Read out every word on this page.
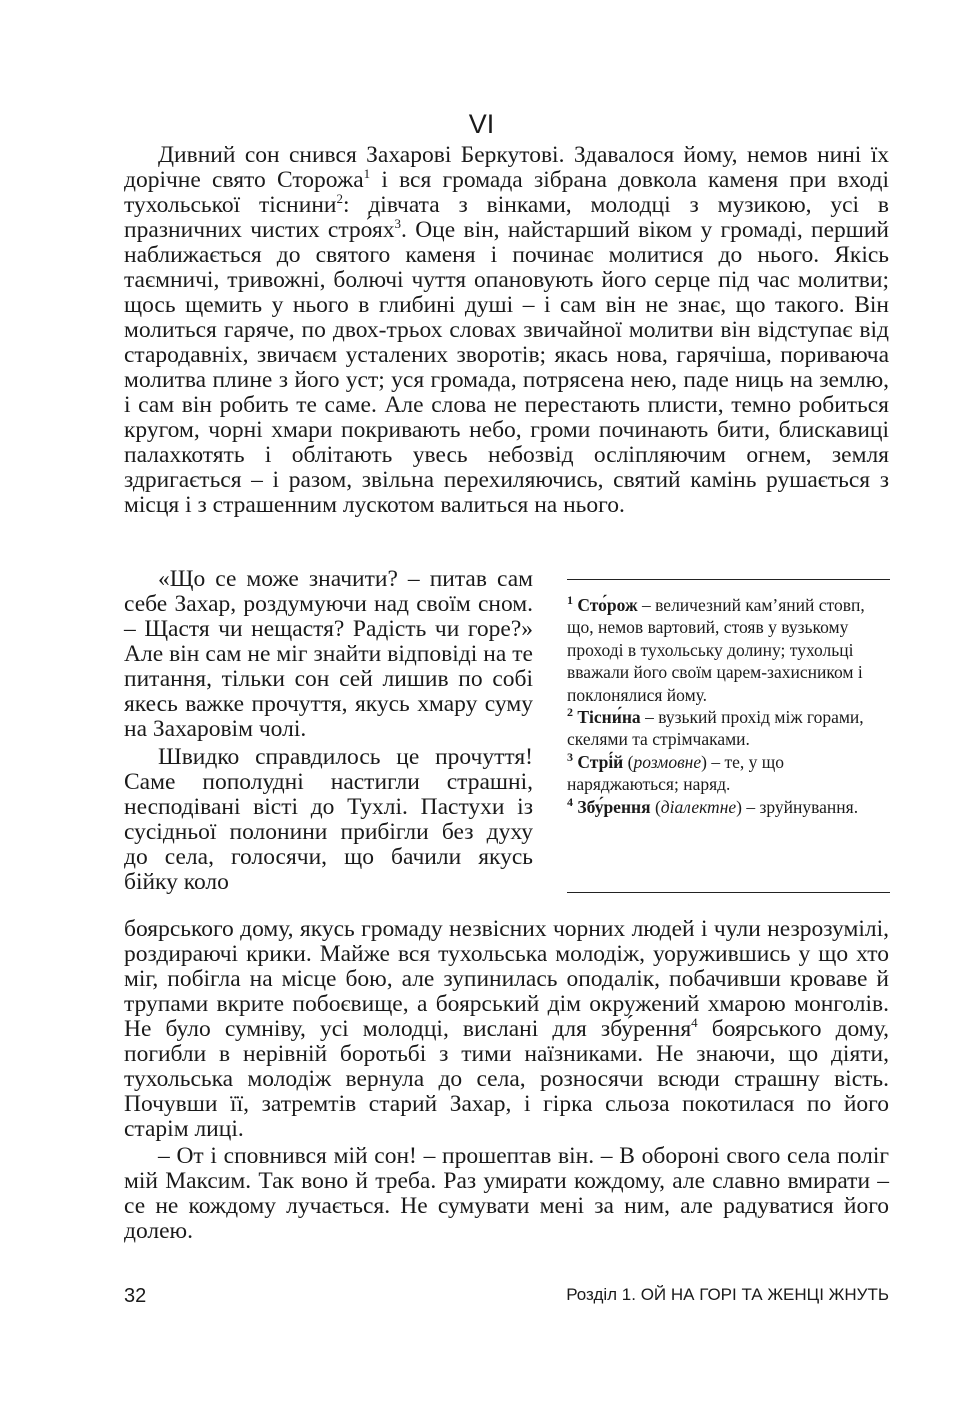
VI

Дивний сон снився Захарові Беркутові. Здавалося йому, немов нині їх дорічне свято Сторожа$^1$ і вся громада зібрана довкола каменя при вході тухольської тіснини$^2$: дівчата з вінками, молодці з музикою, усі в празничних чистих $стро́ях^3$. Оце він, найстарший віком у громаді, перший наближається до святого каменя і починає молитися до нього. Якісь таємничі, тривожні, болючі чуття опановують його серце під час молитви; щось щемить у нього в глибині душі – і сам він не знає, що такого. Він молиться гаряче, по двох-трьох словах звичайної молитви він відступає від стародавніх, звичаєм усталених зворотів; якась нова, гарячіша, пориваюча молитва плине з його уст; уся громада, потрясена нею, паде ниць на землю, і сам він робить те саме. Але слова не перестають плисти, темно робиться кругом, чорні хмари покривають небо, громи починають бити, блискавиці палахкотять і облітають увесь небозвід осліпляючим огнем, земля здригається – і разом, звільна перехиляючись, святий камінь рушається з місця і з страшенним лускотом валиться на нього.

«Що се може значити? – питав сам себе Захар, роздумуючи над своїм сном. – Щастя чи нещастя? Радість чи горе?» Але він сам не міг знайти відповіді на те питання, тільки сон сей лишив по собі якесь важке прочуття, якусь хмару суму на Захаровім чолі.

Швидко справдилось це прочуття! Саме пополудні настигли страшні, несподівані вісті до Тухлі. Пастухи із сусідньої полонини прибігли без духу до села, голосячи, що бачили якусь бійку коло

$^1$ Сто́рож – величезний кам’яний стовп, що, немов вартовий, стояв у вузькому проході в тухольську долину; тухольці вважали його своїм царем-захисником і поклонялися йому.
$^2$ Тісни́на – вузький прохід між горами, скелями та стрімчаками.
$^3$ Стрі́й (розмовне) – те, у що наряджаються; наряд.
$^4$ Збу́рення (діалектне) – зруйнування.

боярського дому, якусь громаду незвісних чорних людей і чули незрозумілі, роздираючі крики. Майже вся тухольська молодіж, уоружившись у що хто міг, побігла на місце бою, але зупинилась оподалік, побачивши кроваве й трупами вкрите побоєвище, а боярський дім окружений хмарою монголів. Не було сумніву, усі молодці, вислані для збу́рення$^4$ боярського дому, погибли в нерівній боротьбі з тими наїзниками. Не знаючи, що діяти, тухольська молодіж вернула до села, розносячи всюди страшну вість. Почувши її, затремтів старий Захар, і гірка сльоза покотилася по його старім лиці.

– От і сповнився мій сон! – прошептав він. – В обороні свого села поліг мій Максим. Так воно й треба. Раз умирати кождому, але славно вмирати – се не кождому лучається. Не сумувати мені за ним, але радуватися його долею.

32	Розділ 1. ОЙ НА ГОРІ ТА ЖЕНЦІ ЖНУТЬ
